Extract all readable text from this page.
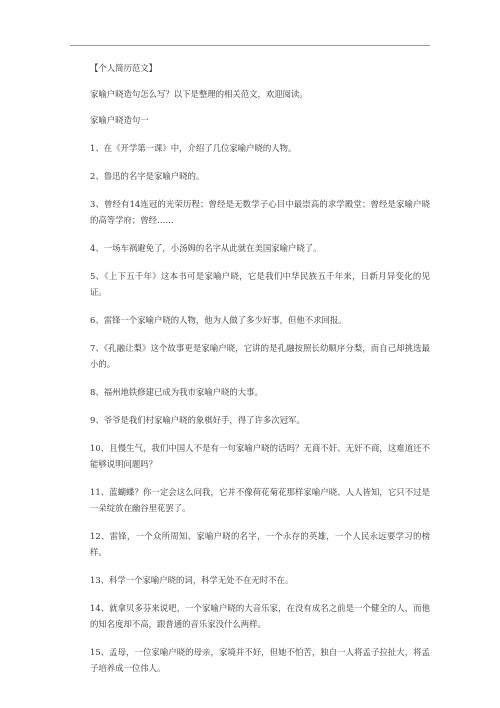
【个人简历范文】

家喻户晓造句怎么写？以下是整理的相关范文，欢迎阅读。

家喻户晓造句一

1、在《开学第一课》中，介绍了几位家喻户晓的人物。

2、鲁迅的名字是家喻户晓的。

3、曾经有14连冠的光荣历程；曾经是无数学子心目中最崇高的求学殿堂；曾经是家喻户晓的高等学府；曾经……

4、一场车祸避免了，小汤姆的名字从此就在美国家喻户晓了。

5、《上下五千年》这本书可是家喻户晓，它是我们中华民族五千年来，日新月异变化的见证。

6、雷锋一个家喻户晓的人物，他为人做了多少好事，但他不求回报。

7、《孔融让梨》这个故事更是家喻户晓，它讲的是孔融按照长幼顺序分梨，而自己却挑选最小的。

8、福州地铁修建已成为我市家喻户晓的大事。

9、爷爷是我们村家喻户晓的象棋好手，得了许多次冠军。

10、且慢生气，我们中国人不是有一句家喻户晓的话吗？无商不奸、无奸不商，这难道还不能够说明问题吗？

11、蓝蝴蝶？你一定会这么问我，它并不像荷花菊花那样家喻户晓、人人皆知，它只不过是一朵绽放在幽谷里花罢了。

12、雷锋，一个众所周知、家喻户晓的名字，一个永存的英雄，一个人民永远要学习的榜样。

13、科学一个家喻户晓的词，科学无处不在无时不在。

14、就拿贝多芬来说吧，一个家喻户晓的大音乐家，在没有成名之前是一个健全的人，而他的知名度却不高，跟普通的音乐家没什么两样。

15、孟母，一位家喻户晓的母亲，家境并不好，但她不怕苦，独自一人将孟子拉扯大，将孟子培养成一位伟人。
